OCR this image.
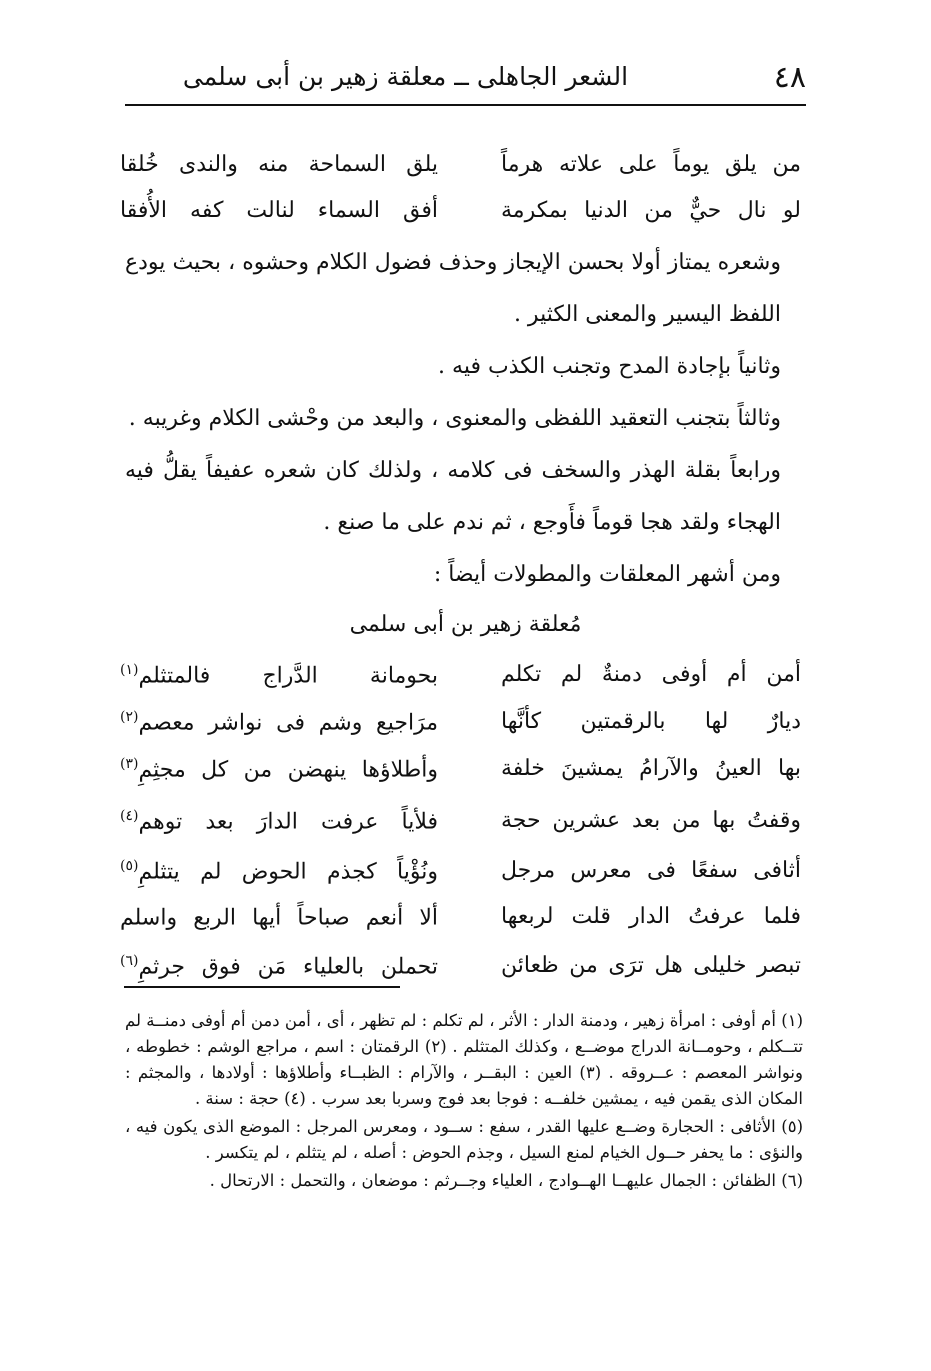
٤٨
الشعر الجاهلى ــ معلقة زهير بن أبى سلمى
من يلق يوماً على علاته هرماً
يلق السماحة منه والندى خُلقا
لو نال حيٌّ من الدنيا بمكرمة
أفق السماء لنالت كفه الأُفقا

وشعره يمتاز أولا بحسن الإيجاز وحذف فضول الكلام وحشوه ، بحيث يودع اللفظ اليسير والمعنى الكثير .

وثانياً بإجادة المدح وتجنب الكذب فيه .

وثالثاً بتجنب التعقيد اللفظى والمعنوى ، والبعد من وحْشى الكلام وغريبه .

ورابعاً بقلة الهذر والسخف فى كلامه ، ولذلك كان شعره عفيفاً يقلُّ فيه الهجاء ولقد هجا قوماً فأَوجع ، ثم ندم على ما صنع .

ومن أشهر المعلقات والمطولات أيضاً :

مُعلقة زهير بن أبى سلمى
أمن أم أوفى دمنةٌ لم تكلم
بحومانة الدَّراج فالمتثلم$^{(١)}$
ديارٌ لها بالرقمتين كأنَّها
مرَاجيع وشم فى نواشر معصم$^{(٢)}$
بها العينُ والآرامُ يمشينَ خلفة
وأطلاؤها ينهضن من كل مجثِمِ$^{(٣)}$
وقفتُ بها من بعد عشرين حجة
فلأياً عرفت الدارَ بعد توهم$^{(٤)}$
أثافى سفعًا فى معرس مرجل
ونُؤْياً كجذم الحوض لم يتثلمِ$^{(٥)}$
فلما عرفتُ الدار قلت لربعها
ألا أنعم صباحاً أيها الربع واسلم
تبصر خليلى هل ترَى من ظعائن
تحملن بالعلياء مَن فوق جرثمِ$^{(٦)}$

(١) أم أوفى : امرأة زهير ، ودمنة الدار : الأثر ، لم تكلم : لم تظهر ، أى ، أمن دمن أم أوفى دمنــة لم تتــكلم ، وحومــانة الدراج موضــع ، وكذلك المتثلم . (٢) الرقمتان : اسم ، مراجع الوشم : خطوطه ، ونواشر المعصم : عــروقه . (٣) العين : البقــر ، والآرام : الظبــاء وأطلاؤها : أولادها ، والمجثم : المكان الذى يقمن فيه ، يمشين خلفــه : فوجا بعد فوج وسربا بعد سرب . (٤) حجة : سنة .

(٥) الأثافى : الحجارة وضــع عليها القدر ، سفع : ســود ، ومعرس المرجل : الموضع الذى يكون فيه ، والنؤى : ما يحفر حــول الخيام لمنع السيل ، وجذم الحوض : أصله ، لم يتثلم ، لم يتكسر .

(٦) الظفائن : الجمال عليهــا الهــوادج ، العلياء وجــرثم : موضعان ، والتحمل : الارتحال .
